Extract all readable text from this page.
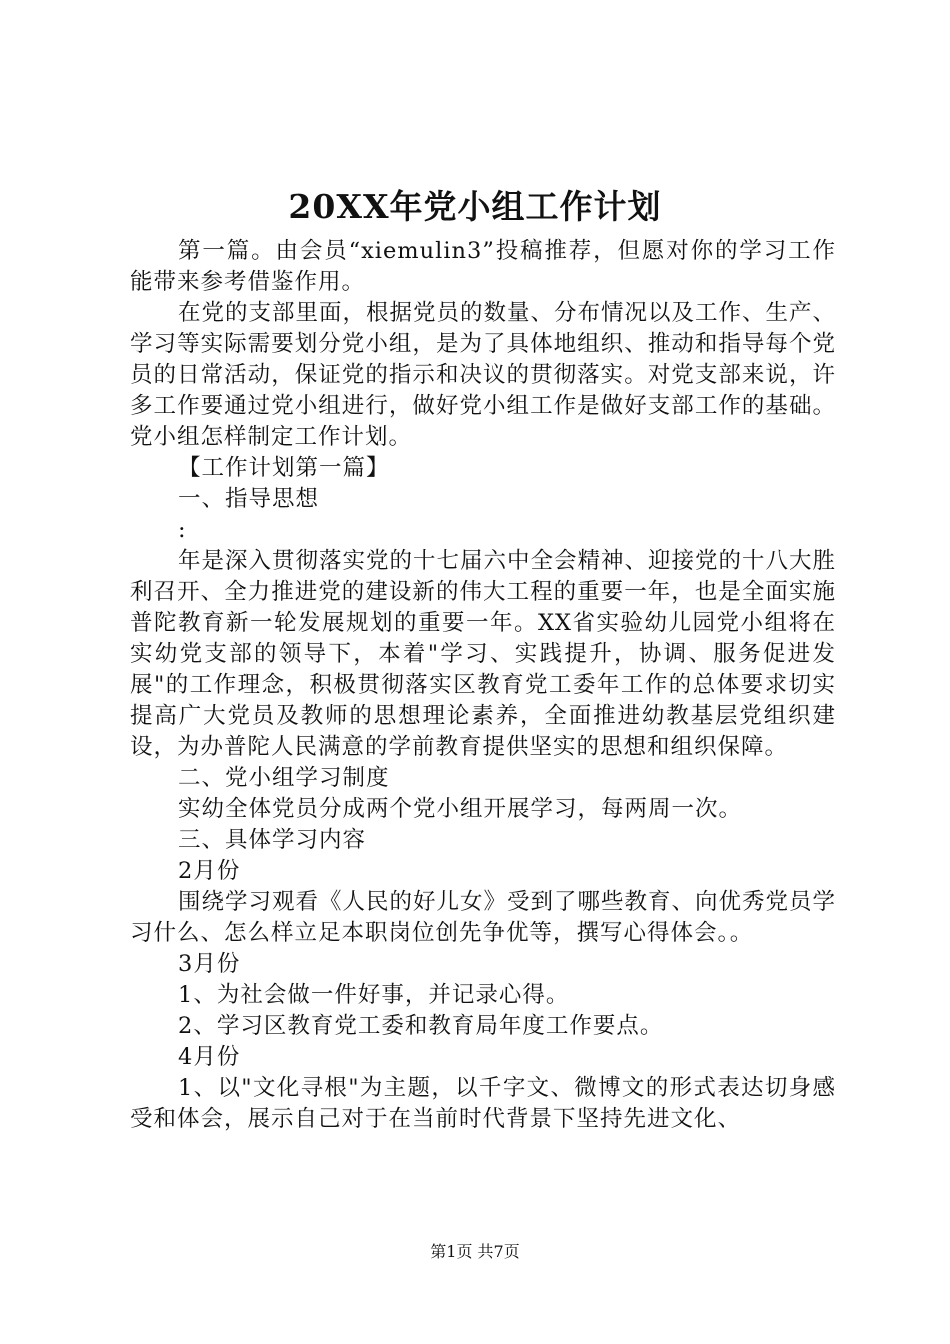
20XX年党小组工作计划

第一篇。由会员“xiemulin3”投稿推荐，但愿对你的学习工作能带来参考借鉴作用。

在党的支部里面，根据党员的数量、分布情况以及工作、生产、学习等实际需要划分党小组，是为了具体地组织、推动和指导每个党员的日常活动，保证党的指示和决议的贯彻落实。对党支部来说，许多工作要通过党小组进行，做好党小组工作是做好支部工作的基础。党小组怎样制定工作计划。

【工作计划第一篇】

一、指导思想

:

年是深入贯彻落实党的十七届六中全会精神、迎接党的十八大胜利召开、全力推进党的建设新的伟大工程的重要一年，也是全面实施普陀教育新一轮发展规划的重要一年。XX省实验幼儿园党小组将在实幼党支部的领导下，本着"学习、实践提升，协调、服务促进发展"的工作理念，积极贯彻落实区教育党工委年工作的总体要求切实提高广大党员及教师的思想理论素养，全面推进幼教基层党组织建设，为办普陀人民满意的学前教育提供坚实的思想和组织保障。

二、党小组学习制度

实幼全体党员分成两个党小组开展学习，每两周一次。

三、具体学习内容

2月份

围绕学习观看《人民的好儿女》受到了哪些教育、向优秀党员学习什么、怎么样立足本职岗位创先争优等，撰写心得体会。。

3月份

1、为社会做一件好事，并记录心得。

2、学习区教育党工委和教育局年度工作要点。

4月份

1、以"文化寻根"为主题，以千字文、微博文的形式表达切身感受和体会，展示自己对于在当前时代背景下坚持先进文化、

第1页 共7页
